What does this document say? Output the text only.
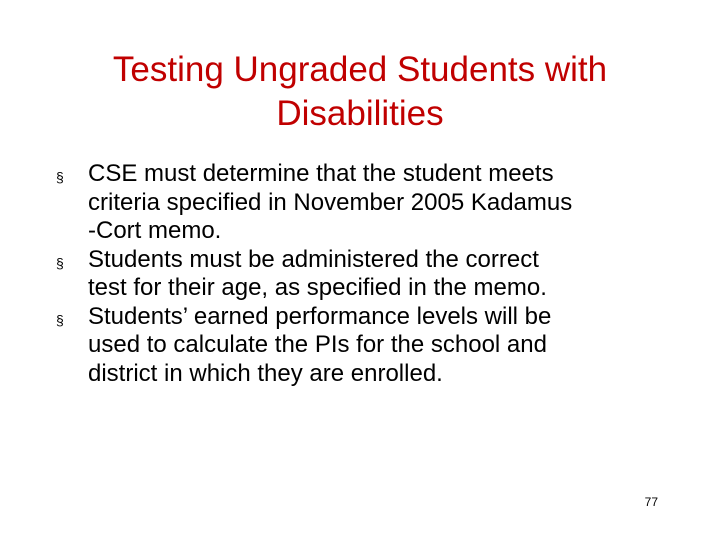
Testing Ungraded Students with
Disabilities
§ CSE must determine that the student meets
criteria specified in November 2005 Kadamus
-Cort memo.
§ Students must be administered the correct
test for their age, as specified in the memo.
§ Students’ earned performance levels will be
used to calculate the PIs for the school and
district in which they are enrolled.
77
